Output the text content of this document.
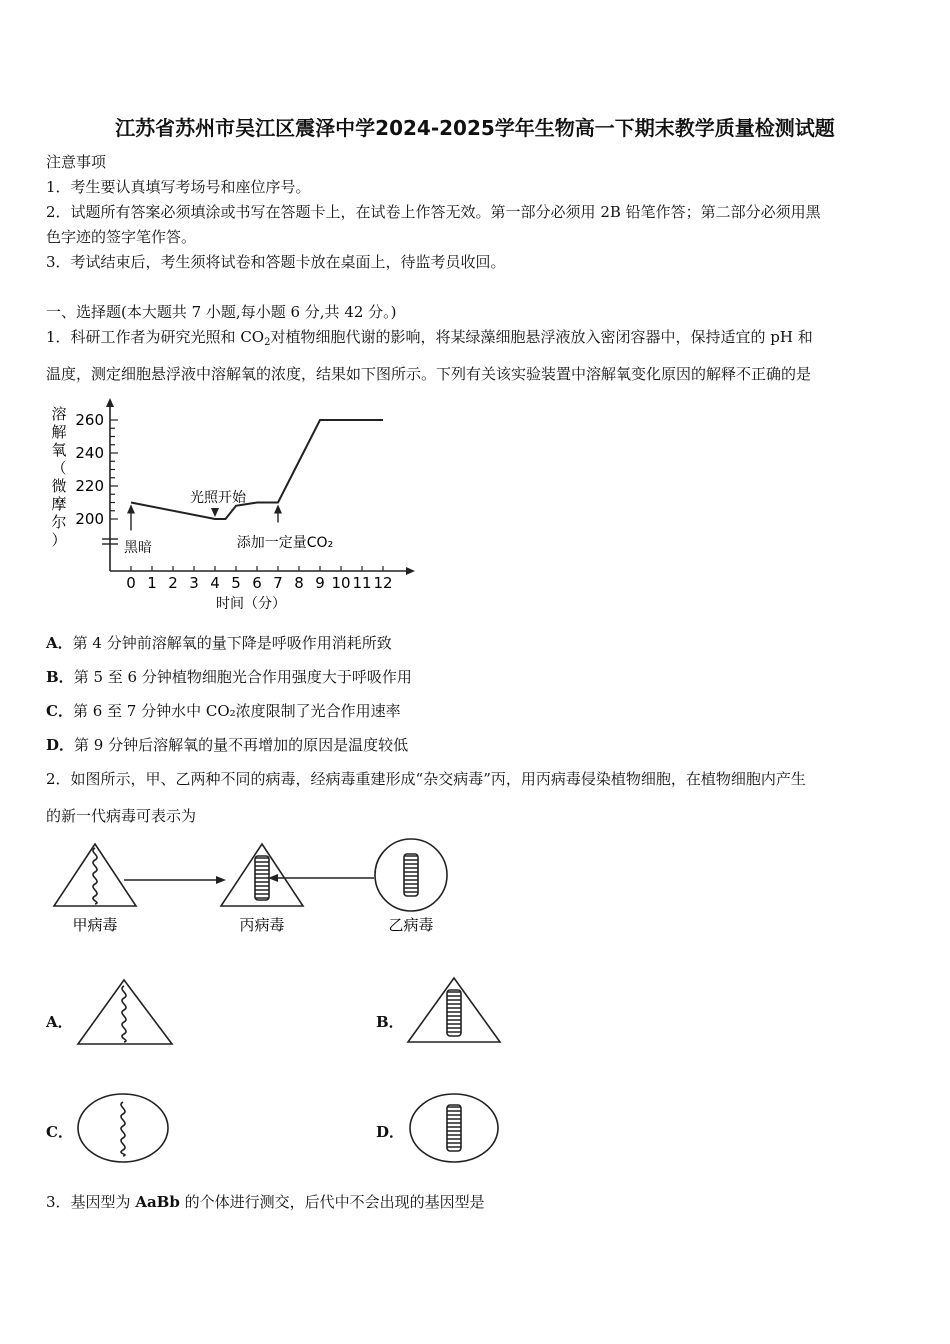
江苏省苏州市吴江区震泽中学2024-2025学年生物高一下期末教学质量检测试题
注意事项
1．考生要认真填写考场号和座位序号。
2．试题所有答案必须填涂或书写在答题卡上，在试卷上作答无效。第一部分必须用 2B 铅笔作答；第二部分必须用黑
色字迹的签字笔作答。
3．考试结束后，考生须将试卷和答题卡放在桌面上，待监考员收回。
一、选择题(本大题共 7 小题,每小题 6 分,共 42 分。)
1．科研工作者为研究光照和 $CO_2$对植物细胞代谢的影响，将某绿藻细胞悬浮液放入密闭容器中，保持适宜的 pH 和
温度，测定细胞悬浮液中溶解氧的浓度，结果如下图所示。下列有关该实验装置中溶解氧变化原因的解释不正确的是
200
220
240
260
0 1 2 3 4 5 6 7 8 9 10 11 12
时间（分）
溶
解
氧
（
微
摩
尔
）	黑暗
光照开始
添加一定量CO₂
A．第 4 分钟前溶解氧的量下降是呼吸作用消耗所致
B．第 5 至 6 分钟植物细胞光合作用强度大于呼吸作用
C．第 6 至 7 分钟水中 CO₂浓度限制了光合作用速率
D．第 9 分钟后溶解氧的量不再增加的原因是温度较低
2．如图所示，甲、乙两种不同的病毒，经病毒重建形成“杂交病毒”丙，用丙病毒侵染植物细胞，在植物细胞内产生
的新一代病毒可表示为
甲病毒	丙病毒	乙病毒
A．	B．
C．	D．
3．基因型为 AaBb 的个体进行测交，后代中不会出现的基因型是
